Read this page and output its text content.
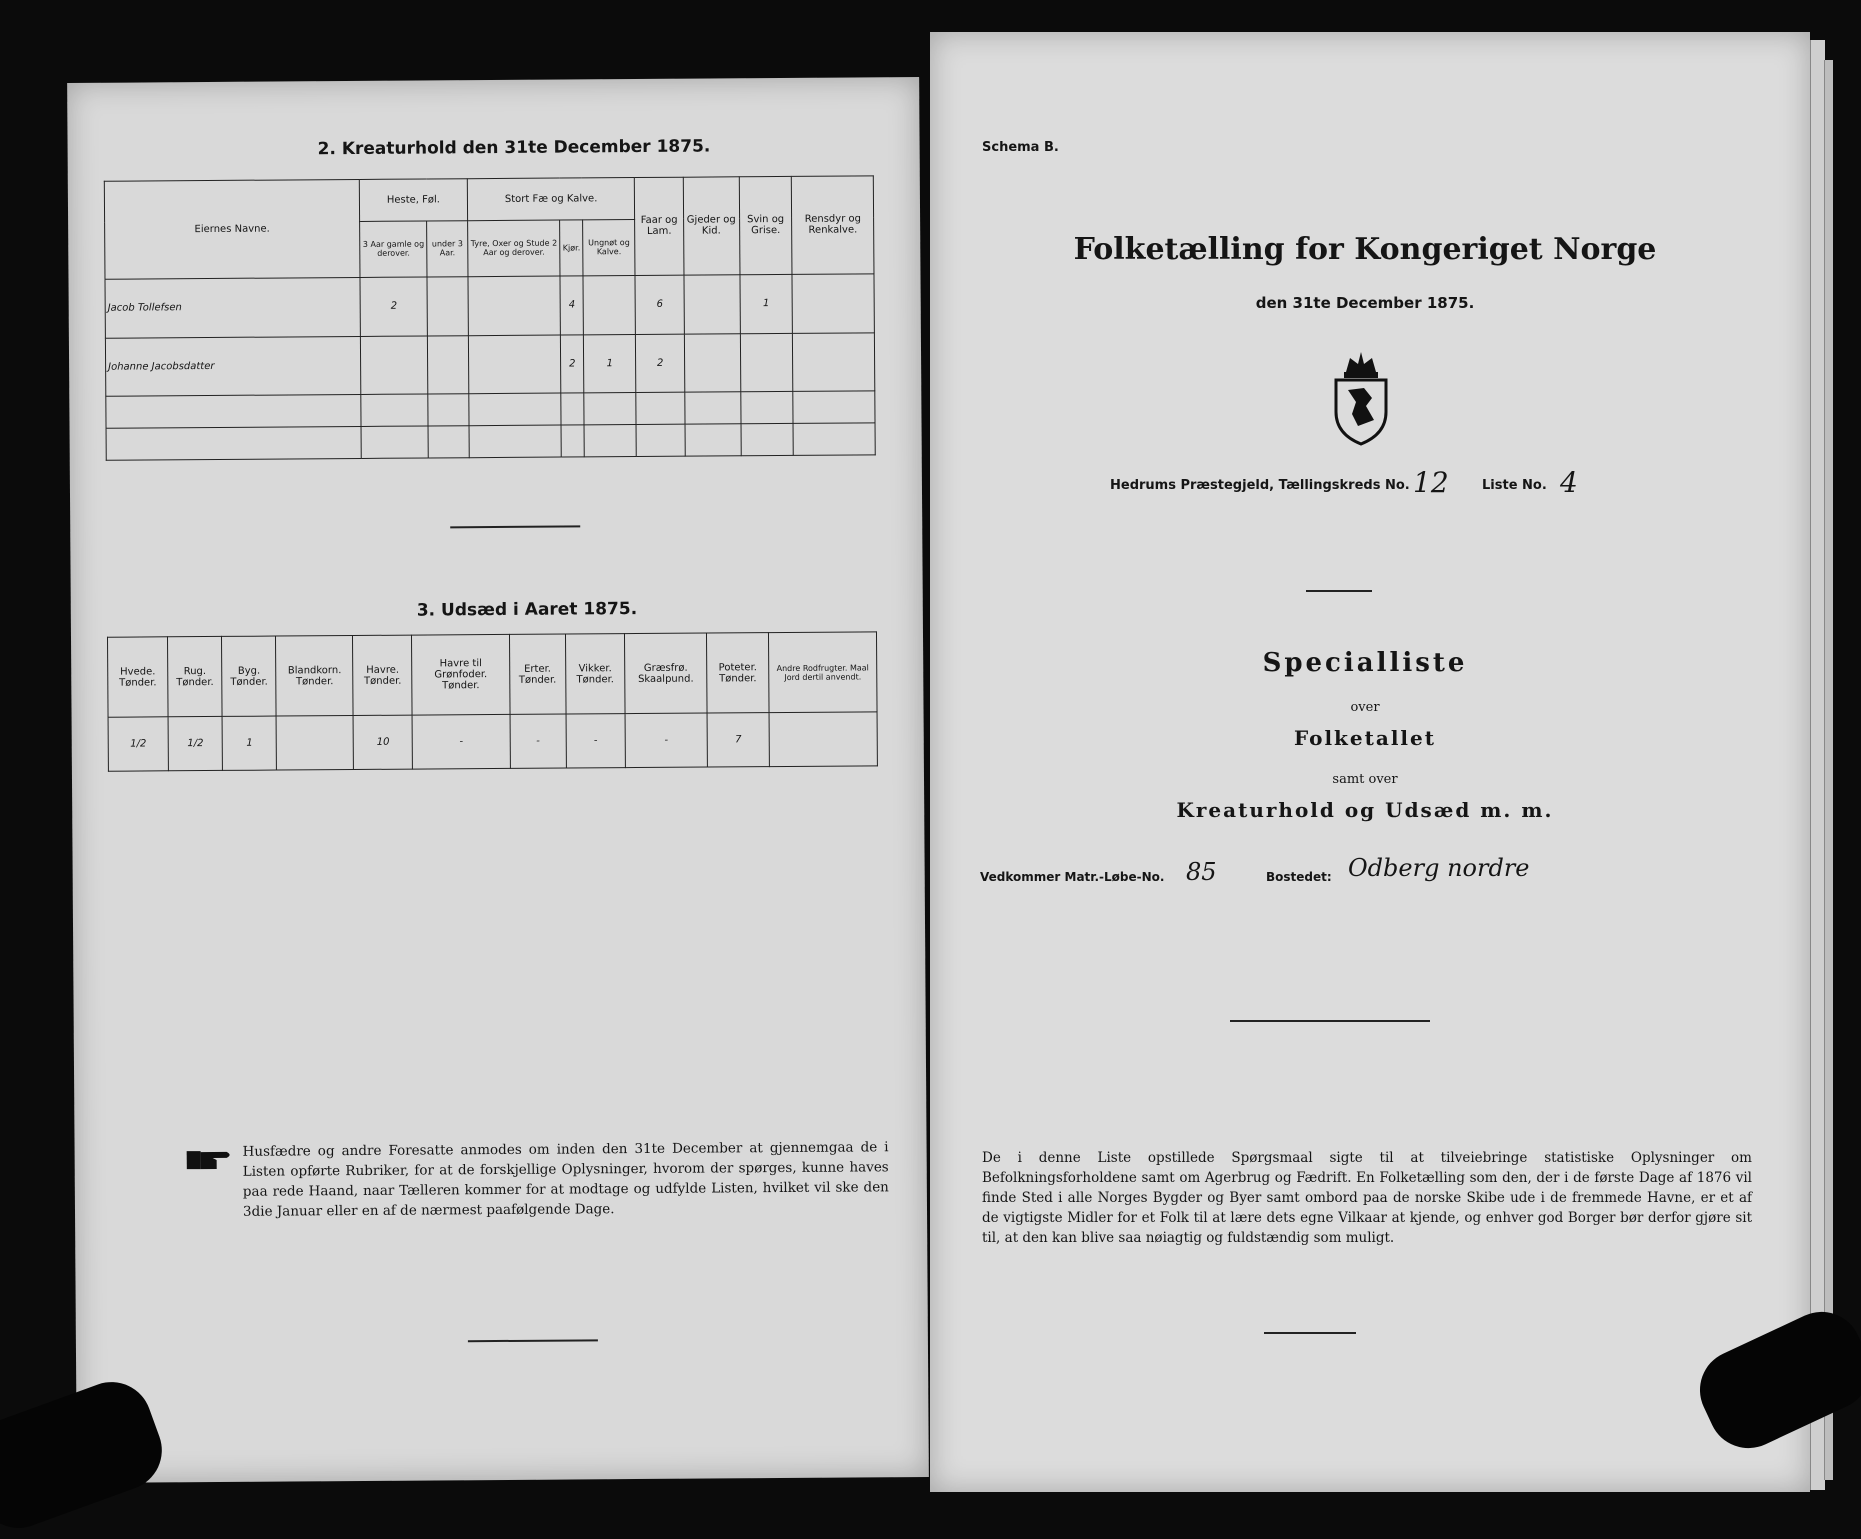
2. Kreaturhold den 31te December 1875.
Eiernes Navne.	Heste, Føl.		Stort Fæ og Kalve.			Faar og Lam.	Gjeder og Kid.	Svin og Grise.	Rensdyr og Renkalve.
	3 Aar gamle og derover.	under 3 Aar.	Tyre, Oxer og Stude 2 Aar og derover.	Kjør.	Ungnøt og Kalve.				
Jacob Tollefsen	2			4		6		1	
Johanne Jacobsdatter				2	1	2			

3. Udsæd i Aaret 1875.
Hvede. Tønder.	Rug. Tønder.	Byg. Tønder.	Blandkorn. Tønder.	Havre. Tønder.	Havre til Grønfoder. Tønder.	Erter. Tønder.	Vikker. Tønder.	Græsfrø. Skaalpund.	Poteter. Tønder.	Andre Rodfrugter. Maal Jord dertil anvendt.
1/2	1/2	1		10	-	-	-	-	7	
Husfædre og andre Foresatte anmodes om inden den 31te December at gjennemgaa de i Listen opførte Rubriker, for at de forskjellige Oplysninger, hvorom der spørges, kunne haves paa rede Haand, naar Tælleren kommer for at modtage og udfylde Listen, hvilket vil ske den 3die Januar eller en af de nærmest paafølgende Dage.
Schema B.
Folketælling for Kongeriget Norge
den 31te December 1875.
Hedrums Præstegjeld, Tællingskreds No. 12	Liste No. 4
Specialliste
over
Folketallet
samt over
Kreaturhold og Udsæd m. m.
Vedkommer Matr.-Løbe-No. 85	Bostedet: Odberg nordre
De i denne Liste opstillede Spørgsmaal sigte til at tilveiebringe statistiske Oplysninger om Befolkningsforholdene samt om Agerbrug og Fædrift. En Folketælling som den, der i de første Dage af 1876 vil finde Sted i alle Norges Bygder og Byer samt ombord paa de norske Skibe ude i de fremmede Havne, er et af de vigtigste Midler for et Folk til at lære dets egne Vilkaar at kjende, og enhver god Borger bør derfor gjøre sit til, at den kan blive saa nøiagtig og fuldstændig som muligt.
